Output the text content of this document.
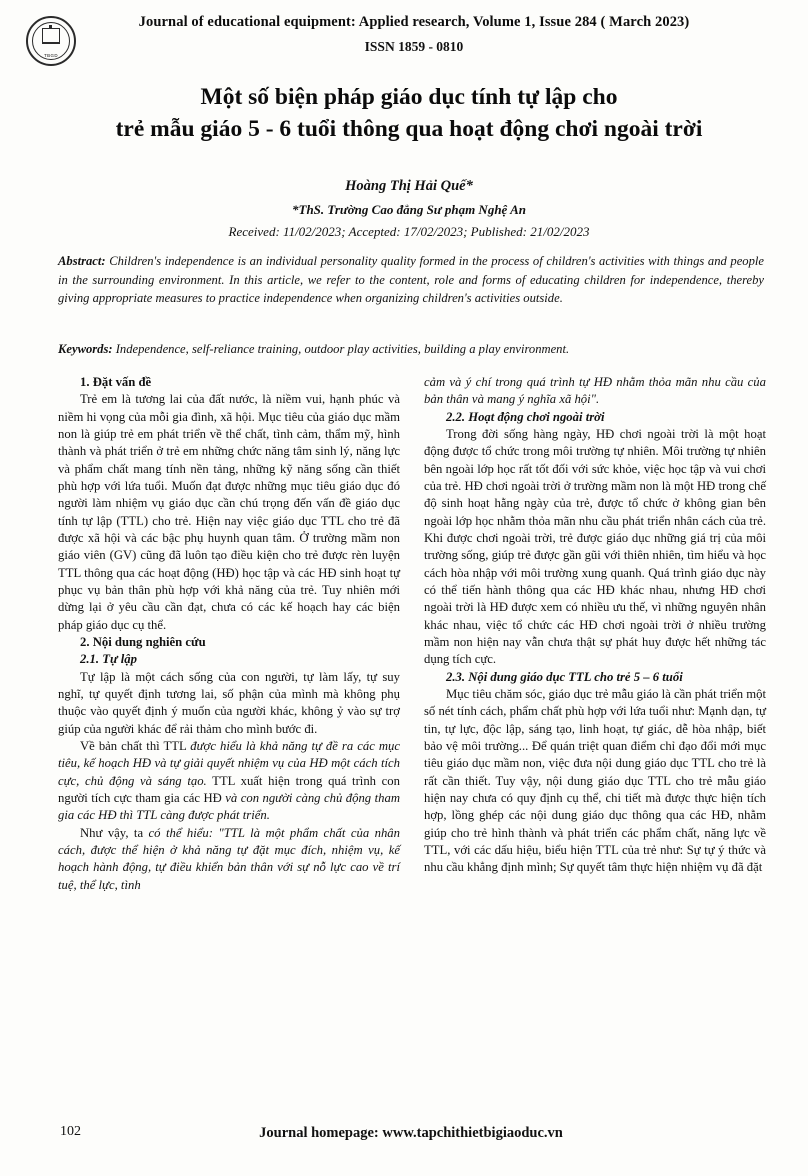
TBGD
Journal of educational equipment: Applied research, Volume 1, Issue 284 ( March 2023)
ISSN 1859 - 0810
Một số biện pháp giáo dục tính tự lập cho
trẻ mẫu giáo 5 - 6 tuổi thông qua hoạt động chơi ngoài trời
Hoàng Thị Hải Quế*
*ThS. Trường Cao đẳng Sư phạm Nghệ An
Received: 11/02/2023; Accepted: 17/02/2023; Published: 21/02/2023
Abstract: Children's independence is an individual personality quality formed in the process of children's activities with things and people in the surrounding environment. In this article, we refer to the content, role and forms of educating children for independence, thereby giving appropriate measures to practice independence when organizing children's activities outside.
Keywords: Independence, self-reliance training, outdoor play activities, building a play environment.

1. Đặt vấn đề

Trẻ em là tương lai của đất nước, là niềm vui, hạnh phúc và niềm hi vọng của mỗi gia đình, xã hội. Mục tiêu của giáo dục mầm non là giúp trẻ em phát triển về thể chất, tình cảm, thẩm mỹ, hình thành và phát triển ở trẻ em những chức năng tâm sinh lý, năng lực và phẩm chất mang tính nền tảng, những kỹ năng sống cần thiết phù hợp với lứa tuổi. Muốn đạt được những mục tiêu giáo dục đó người làm nhiệm vụ giáo dục cần chú trọng đến vấn đề giáo dục tính tự lập (TTL) cho trẻ. Hiện nay việc giáo dục TTL cho trẻ đã được xã hội và các bậc phụ huynh quan tâm. Ở trường mầm non giáo viên (GV) cũng đã luôn tạo điều kiện cho trẻ được rèn luyện TTL thông qua các hoạt động (HĐ) học tập và các HĐ sinh hoạt tự phục vụ bản thân phù hợp với khả năng của trẻ. Tuy nhiên mới dừng lại ở yêu cầu cần đạt, chưa có các kế hoạch hay các biện pháp giáo dục cụ thể.

2. Nội dung nghiên cứu

2.1. Tự lập

Tự lập là một cách sống của con người, tự làm lấy, tự suy nghĩ, tự quyết định tương lai, số phận của mình mà không phụ thuộc vào quyết định ý muốn của người khác, không ỷ vào sự trợ giúp của người khác để rải thảm cho mình bước đi.

Về bản chất thì TTL được hiểu là khả năng tự đề ra các mục tiêu, kế hoạch HĐ và tự giải quyết nhiệm vụ của HĐ một cách tích cực, chủ động và sáng tạo. TTL xuất hiện trong quá trình con người tích cực tham gia các HĐ và con người càng chủ động tham gia các HĐ thì TTL càng được phát triển.

Như vậy, ta có thể hiểu: "TTL là một phẩm chất của nhân cách, được thể hiện ở khả năng tự đặt mục đích, nhiệm vụ, kế hoạch hành động, tự điều khiển bản thân với sự nỗ lực cao về trí tuệ, thể lực, tình

cảm và ý chí trong quá trình tự HĐ nhằm thỏa mãn nhu cầu của bản thân và mang ý nghĩa xã hội".

2.2. Hoạt động chơi ngoài trời

Trong đời sống hàng ngày, HĐ chơi ngoài trời là một hoạt động được tổ chức trong môi trường tự nhiên. Môi trường tự nhiên bên ngoài lớp học rất tốt đối với sức khỏe, việc học tập và vui chơi của trẻ. HĐ chơi ngoài trời ở trường mầm non là một HĐ trong chế độ sinh hoạt hằng ngày của trẻ, được tổ chức ở không gian bên ngoài lớp học nhằm thỏa mãn nhu cầu phát triển nhân cách của trẻ. Khi được chơi ngoài trời, trẻ được giáo dục những giá trị của môi trường sống, giúp trẻ được gần gũi với thiên nhiên, tìm hiểu và học cách hòa nhập với môi trường xung quanh. Quá trình giáo dục này có thể tiến hành thông qua các HĐ khác nhau, nhưng HĐ chơi ngoài trời là HĐ được xem có nhiều ưu thế, vì những nguyên nhân khác nhau, việc tổ chức các HĐ chơi ngoài trời ở nhiều trường mầm non hiện nay vẫn chưa thật sự phát huy được hết những tác dụng tích cực.

2.3. Nội dung giáo dục TTL cho trẻ 5 – 6 tuổi

Mục tiêu chăm sóc, giáo dục trẻ mẫu giáo là cần phát triển một số nét tính cách, phẩm chất phù hợp với lứa tuổi như: Mạnh dạn, tự tin, tự lực, độc lập, sáng tạo, linh hoạt, tự giác, dễ hòa nhập, biết bảo vệ môi trường... Để quán triệt quan điểm chỉ đạo đổi mới mục tiêu giáo dục mầm non, việc đưa nội dung giáo dục TTL cho trẻ là rất cần thiết. Tuy vậy, nội dung giáo dục TTL cho trẻ mẫu giáo hiện nay chưa có quy định cụ thể, chi tiết mà được thực hiện tích hợp, lồng ghép các nội dung giáo dục thông qua các HĐ, nhằm giúp cho trẻ hình thành và phát triển các phẩm chất, năng lực về TTL, với các dấu hiệu, biểu hiện TTL của trẻ như: Sự tự ý thức và nhu cầu khẳng định mình; Sự quyết tâm thực hiện nhiệm vụ đã đặt

102	Journal homepage: www.tapchithietbigiaoduc.vn
